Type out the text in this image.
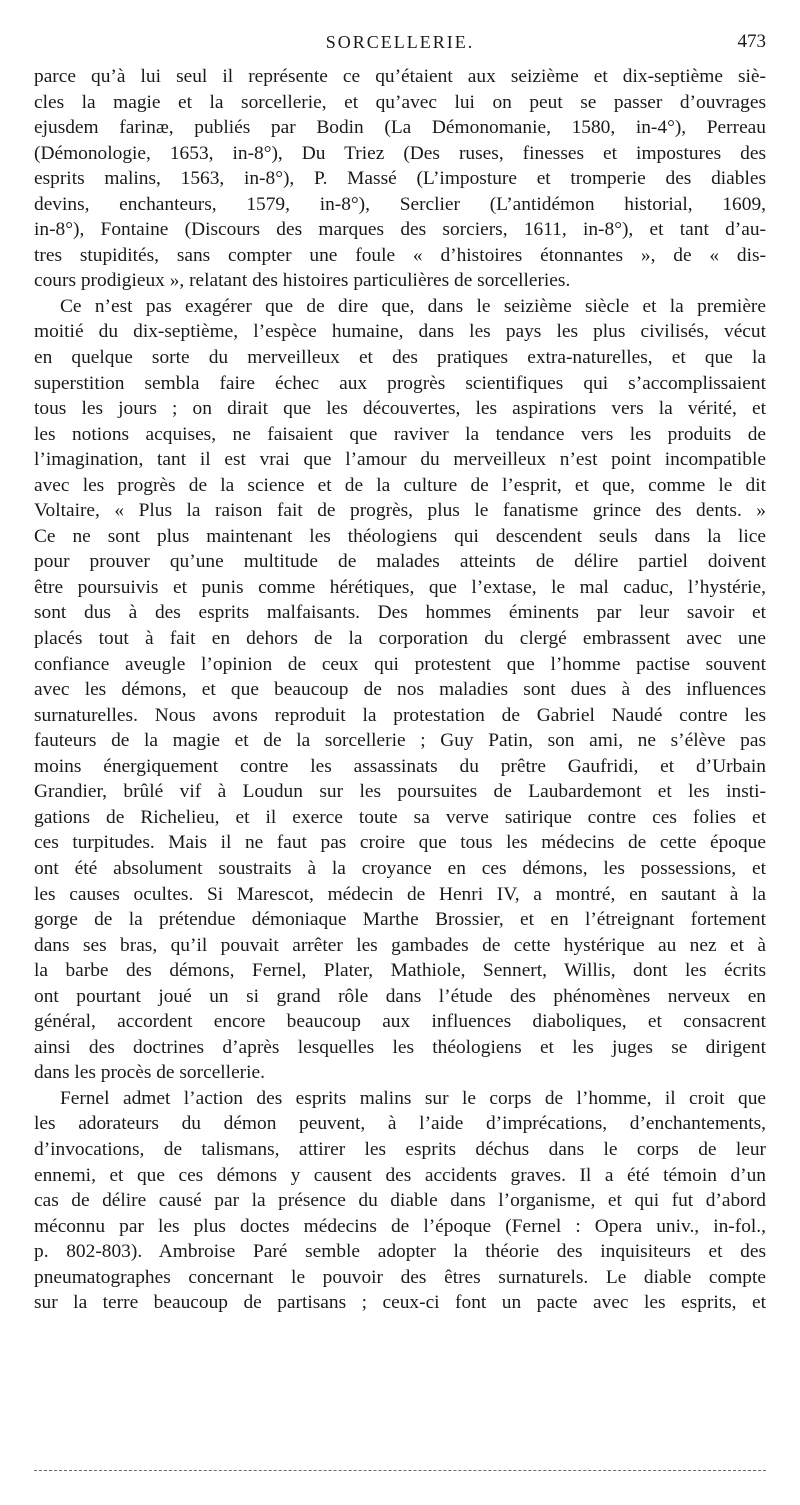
SORCELLERIE.	473
parce qu’à lui seul il représente ce qu’étaient aux seizième et dix-septième siè-
cles la magie et la sorcellerie, et qu’avec lui on peut se passer d’ouvrages
ejusdem farinæ, publiés par Bodin (La Démonomanie, 1580, in-4°), Perreau
(Démonologie, 1653, in-8°), Du Triez (Des ruses, finesses et impostures des
esprits malins, 1563, in-8°), P. Massé (L’imposture et tromperie des diables
devins, enchanteurs, 1579, in-8°), Serclier (L’antidémon historial, 1609,
in-8°), Fontaine (Discours des marques des sorciers, 1611, in-8°), et tant d’au-
tres stupidités, sans compter une foule « d’histoires étonnantes », de « dis-
cours prodigieux », relatant des histoires particulières de sorcelleries.
Ce n’est pas exagérer que de dire que, dans le seizième siècle et la première
moitié du dix-septième, l’espèce humaine, dans les pays les plus civilisés, vécut
en quelque sorte du merveilleux et des pratiques extra-naturelles, et que la
superstition sembla faire échec aux progrès scientifiques qui s’accomplissaient
tous les jours ; on dirait que les découvertes, les aspirations vers la vérité, et
les notions acquises, ne faisaient que raviver la tendance vers les produits de
l’imagination, tant il est vrai que l’amour du merveilleux n’est point incompatible
avec les progrès de la science et de la culture de l’esprit, et que, comme le dit
Voltaire, « Plus la raison fait de progrès, plus le fanatisme grince des dents. »
Ce ne sont plus maintenant les théologiens qui descendent seuls dans la lice
pour prouver qu’une multitude de malades atteints de délire partiel doivent
être poursuivis et punis comme hérétiques, que l’extase, le mal caduc, l’hystérie,
sont dus à des esprits malfaisants. Des hommes éminents par leur savoir et
placés tout à fait en dehors de la corporation du clergé embrassent avec une
confiance aveugle l’opinion de ceux qui protestent que l’homme pactise souvent
avec les démons, et que beaucoup de nos maladies sont dues à des influences
surnaturelles. Nous avons reproduit la protestation de Gabriel Naudé contre les
fauteurs de la magie et de la sorcellerie ; Guy Patin, son ami, ne s’élève pas
moins énergiquement contre les assassinats du prêtre Gaufridi, et d’Urbain
Grandier, brûlé vif à Loudun sur les poursuites de Laubardemont et les insti-
gations de Richelieu, et il exerce toute sa verve satirique contre ces folies et
ces turpitudes. Mais il ne faut pas croire que tous les médecins de cette époque
ont été absolument soustraits à la croyance en ces démons, les possessions, et
les causes ocultes. Si Marescot, médecin de Henri IV, a montré, en sautant à la
gorge de la prétendue démoniaque Marthe Brossier, et en l’étreignant fortement
dans ses bras, qu’il pouvait arrêter les gambades de cette hystérique au nez et à
la barbe des démons, Fernel, Plater, Mathiole, Sennert, Willis, dont les écrits
ont pourtant joué un si grand rôle dans l’étude des phénomènes nerveux en
général, accordent encore beaucoup aux influences diaboliques, et consacrent
ainsi des doctrines d’après lesquelles les théologiens et les juges se dirigent
dans les procès de sorcellerie.
Fernel admet l’action des esprits malins sur le corps de l’homme, il croit que
les adorateurs du démon peuvent, à l’aide d’imprécations, d’enchantements,
d’invocations, de talismans, attirer les esprits déchus dans le corps de leur
ennemi, et que ces démons y causent des accidents graves. Il a été témoin d’un
cas de délire causé par la présence du diable dans l’organisme, et qui fut d’abord
méconnu par les plus doctes médecins de l’époque (Fernel : Opera univ., in-fol.,
p. 802-803). Ambroise Paré semble adopter la théorie des inquisiteurs et des
pneumatographes concernant le pouvoir des êtres surnaturels. Le diable compte
sur la terre beaucoup de partisans ; ceux-ci font un pacte avec les esprits, et
